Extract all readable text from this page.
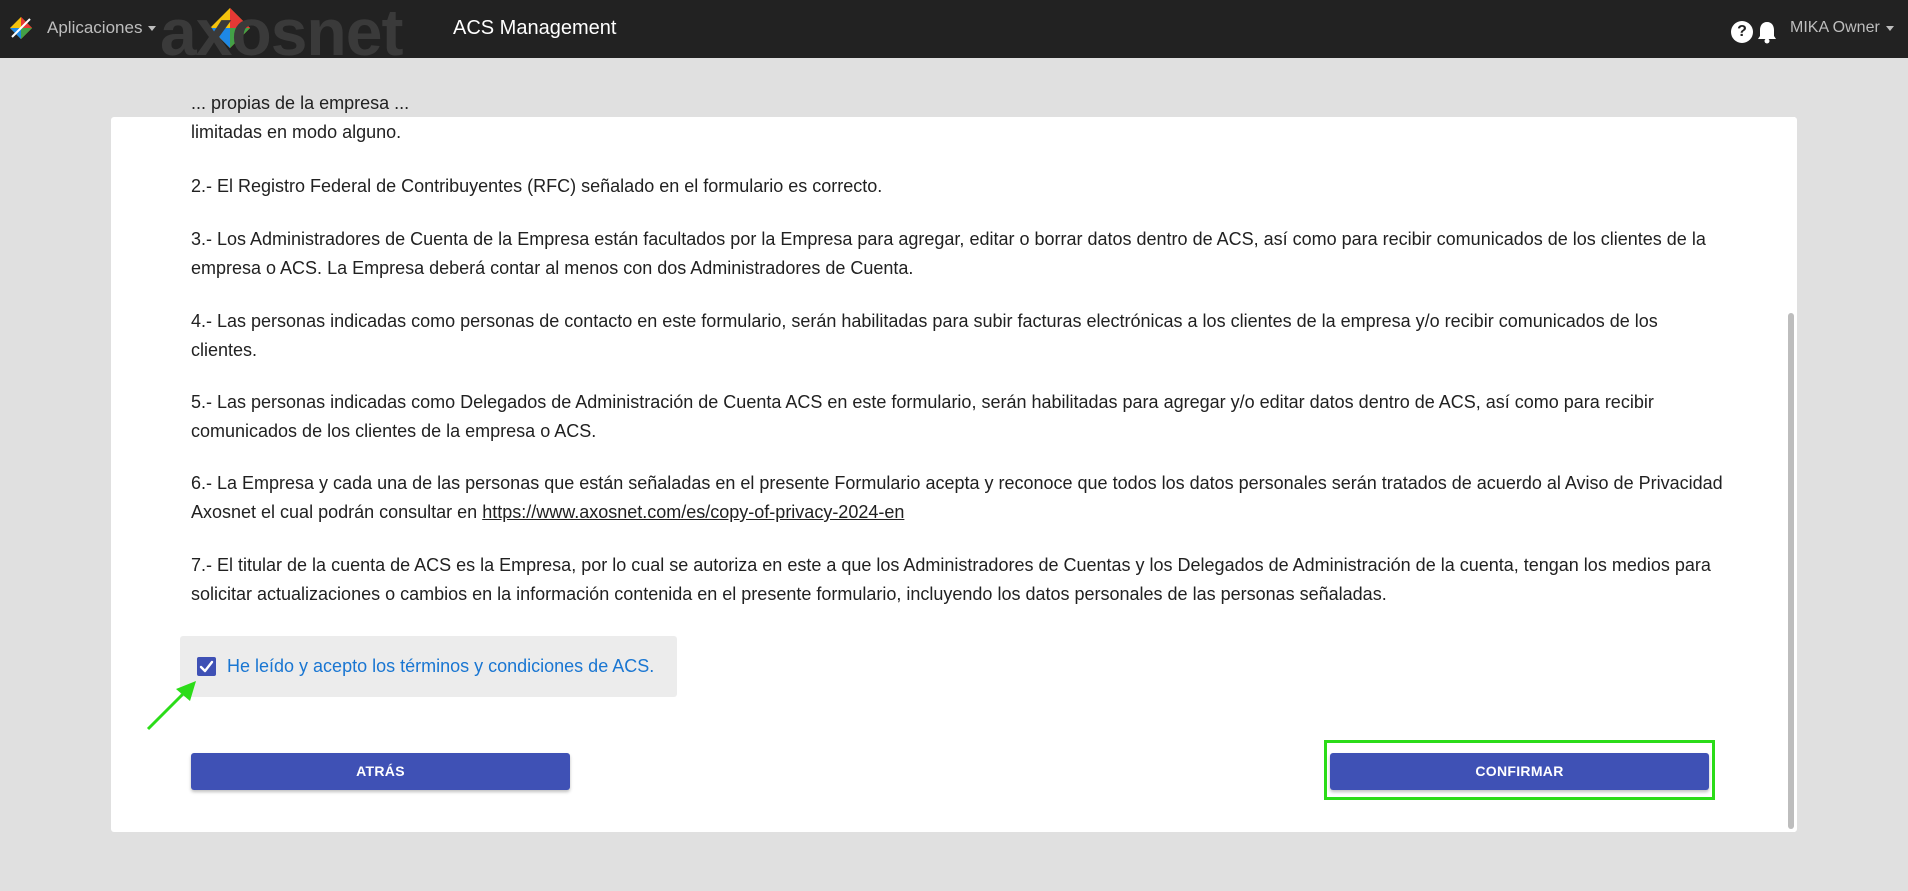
Aplicaciones axosnet	ACS Management	?	MIKA Owner
... propias de la empresa ...
limitadas en modo alguno.
2.- El Registro Federal de Contribuyentes (RFC) señalado en el formulario es correcto.
3.- Los Administradores de Cuenta de la Empresa están facultados por la Empresa para agregar, editar o borrar datos dentro de ACS, así como para recibir comunicados de los clientes de la empresa o ACS. La Empresa deberá contar al menos con dos Administradores de Cuenta.
4.- Las personas indicadas como personas de contacto en este formulario, serán habilitadas para subir facturas electrónicas a los clientes de la empresa y/o recibir comunicados de los clientes.
5.- Las personas indicadas como Delegados de Administración de Cuenta ACS en este formulario, serán habilitadas para agregar y/o editar datos dentro de ACS, así como para recibir comunicados de los clientes de la empresa o ACS.
6.- La Empresa y cada una de las personas que están señaladas en el presente Formulario acepta y reconoce que todos los datos personales serán tratados de acuerdo al Aviso de Privacidad Axosnet el cual podrán consultar en https://www.axosnet.com/es/copy-of-privacy-2024-en
7.- El titular de la cuenta de ACS es la Empresa, por lo cual se autoriza en este a que los Administradores de Cuentas y los Delegados de Administración de la cuenta, tengan los medios para solicitar actualizaciones o cambios en la información contenida en el presente formulario, incluyendo los datos personales de las personas señaladas.
He leído y acepto los términos y condiciones de ACS.
ATRÁS	CONFIRMAR
